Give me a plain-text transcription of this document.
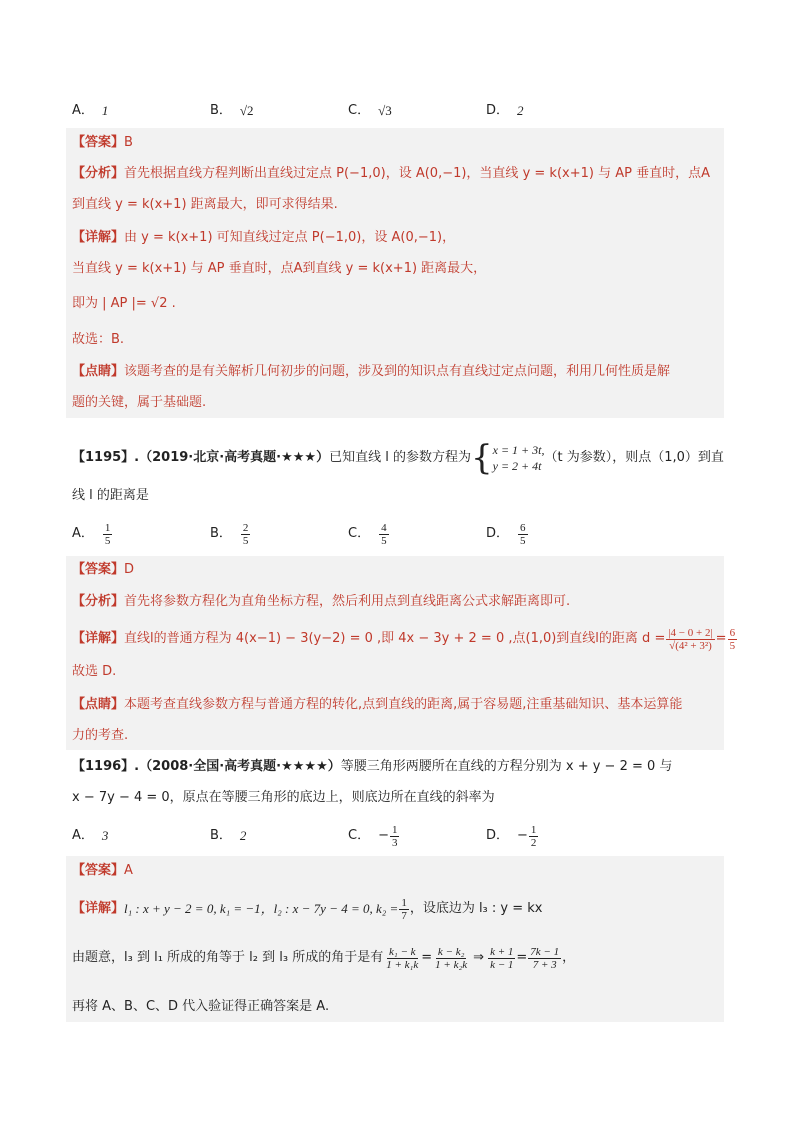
A． 1	B． √2	C． √3	D． 2
【答案】B
【分析】首先根据直线方程判断出直线过定点 P(−1,0)，设 A(0,−1)，当直线 y = k(x+1) 与 AP 垂直时，点A
到直线 y = k(x+1) 距离最大，即可求得结果.
【详解】由 y = k(x+1) 可知直线过定点 P(−1,0)，设 A(0,−1)，
当直线 y = k(x+1) 与 AP 垂直时，点A到直线 y = k(x+1) 距离最大，
即为 | AP |= √2 .
故选：B.
【点睛】该题考查的是有关解析几何初步的问题，涉及到的知识点有直线过定点问题，利用几何性质是解
题的关键，属于基础题.
【1195】.（2019·北京·高考真题·★★★） 已知直线 l 的参数方程为 { x = 1 + 3t,
y = 2 + 4t
（t 为参数），则点（1,0）到直
线 l 的距离是
A． $\frac{1}{5}$	B． $\frac{2}{5}$	C． $\frac{4}{5}$	D． $\frac{6}{5}$
【答案】D
【分析】首先将参数方程化为直角坐标方程，然后利用点到直线距离公式求解距离即可.
【详解】 直线l的普通方程为 4(x−1) − 3(y−2) = 0 ,即 4x − 3y + 2 = 0 ,点(1,0)到直线l的距离 $d = \frac{|4 - 0 + 2|}{\text{√(4² + 3²)}} = \frac{6}{5}$
故选 D.
【点睛】本题考查直线参数方程与普通方程的转化,点到直线的距离,属于容易题,注重基础知识、基本运算能
力的考查.
【1196】.（2008·全国·高考真题·★★★★）等腰三角形两腰所在直线的方程分别为 x + y − 2 = 0 与
x − 7y − 4 = 0，原点在等腰三角形的底边上，则底边所在直线的斜率为
A． 3	B． 2	C． − $\frac{1}{3}$	D． − $\frac{1}{2}$
【答案】A
【详解】 l₁ : x + y − 2 = 0, k₁ = −1，l₂ : x − 7y − 4 = 0, $k_2 = \frac{1}{7}$ ，设底边为 l₃ : y = kx
由题意，l₃ 到 l₁ 所成的角等于 l₂ 到 l₃ 所成的角于是有 $\frac{\text{k₁ − k}}{\text{1 + k₁k}} = \frac{\text{k − k₂}}{\text{1 + k₂k}}$ ⇒ $\frac{k + 1}{k - 1} = \frac{7k - 1}{7 + 3}$ ，
再将 A、B、C、D 代入验证得正确答案是 A.
